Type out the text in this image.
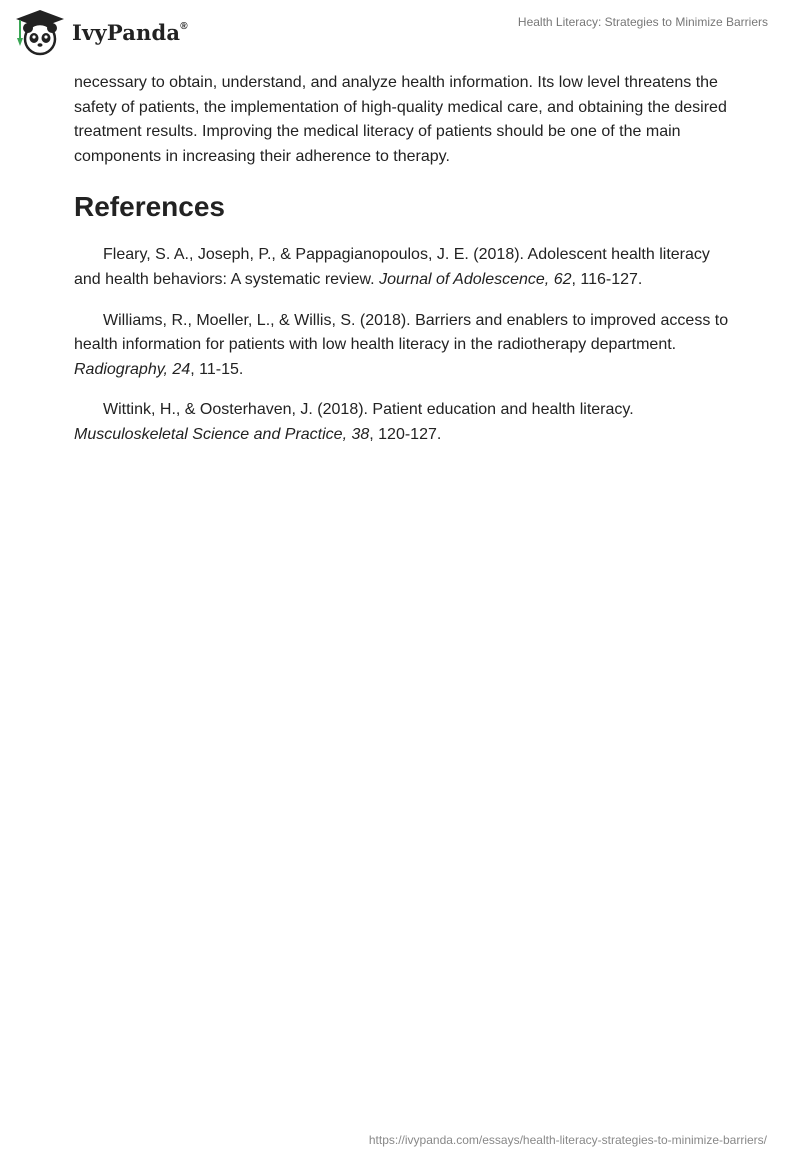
IvyPanda®	Health Literacy: Strategies to Minimize Barriers

necessary to obtain, understand, and analyze health information. Its low level threatens the safety of patients, the implementation of high-quality medical care, and obtaining the desired treatment results. Improving the medical literacy of patients should be one of the main components in increasing their adherence to therapy.

References

Fleary, S. A., Joseph, P., & Pappagianopoulos, J. E. (2018). Adolescent health literacy and health behaviors: A systematic review. Journal of Adolescence, 62, 116-127.

Williams, R., Moeller, L., & Willis, S. (2018). Barriers and enablers to improved access to health information for patients with low health literacy in the radiotherapy department. Radiography, 24, 11-15.

Wittink, H., & Oosterhaven, J. (2018). Patient education and health literacy. Musculoskeletal Science and Practice, 38, 120-127.

https://ivypanda.com/essays/health-literacy-strategies-to-minimize-barriers/
